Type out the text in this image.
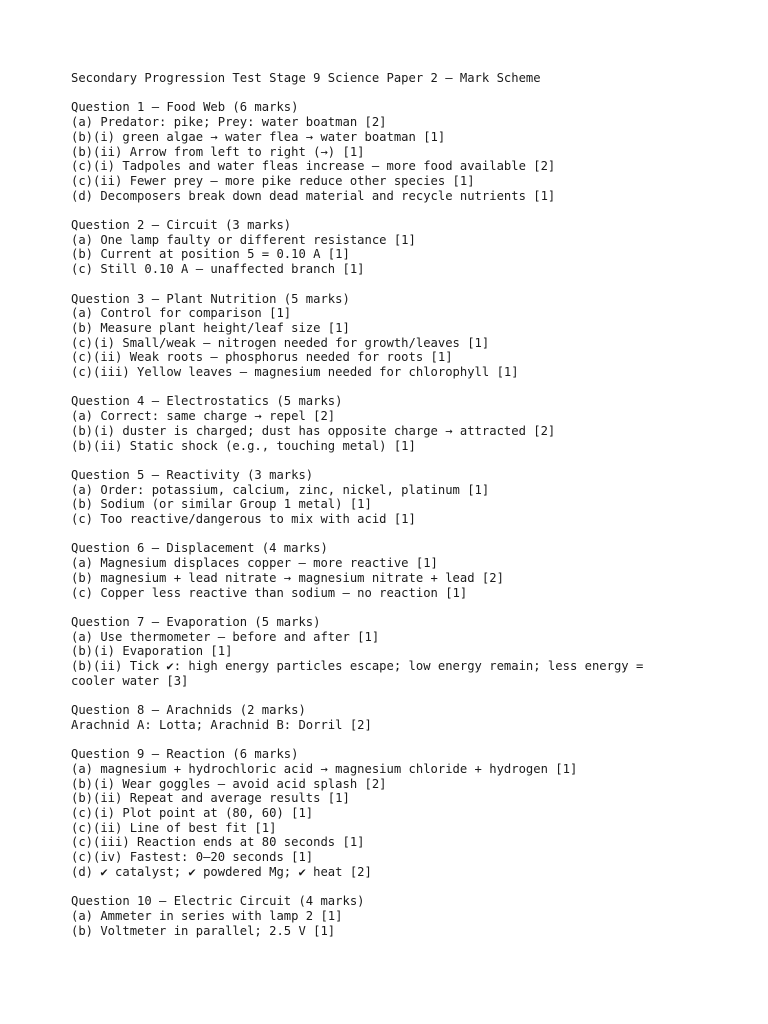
Secondary Progression Test Stage 9 Science Paper 2 – Mark Scheme
Question 1 – Food Web (6 marks)
(a) Predator: pike; Prey: water boatman [2]
(b)(i) green algae → water flea → water boatman [1]
(b)(ii) Arrow from left to right (→) [1]
(c)(i) Tadpoles and water fleas increase – more food available [2]
(c)(ii) Fewer prey – more pike reduce other species [1]
(d) Decomposers break down dead material and recycle nutrients [1]
Question 2 – Circuit (3 marks)
(a) One lamp faulty or different resistance [1]
(b) Current at position 5 = 0.10 A [1]
(c) Still 0.10 A – unaffected branch [1]
Question 3 – Plant Nutrition (5 marks)
(a) Control for comparison [1]
(b) Measure plant height/leaf size [1]
(c)(i) Small/weak – nitrogen needed for growth/leaves [1]
(c)(ii) Weak roots – phosphorus needed for roots [1]
(c)(iii) Yellow leaves – magnesium needed for chlorophyll [1]
Question 4 – Electrostatics (5 marks)
(a) Correct: same charge → repel [2]
(b)(i) duster is charged; dust has opposite charge → attracted [2]
(b)(ii) Static shock (e.g., touching metal) [1]
Question 5 – Reactivity (3 marks)
(a) Order: potassium, calcium, zinc, nickel, platinum [1]
(b) Sodium (or similar Group 1 metal) [1]
(c) Too reactive/dangerous to mix with acid [1]
Question 6 – Displacement (4 marks)
(a) Magnesium displaces copper – more reactive [1]
(b) magnesium + lead nitrate → magnesium nitrate + lead [2]
(c) Copper less reactive than sodium – no reaction [1]
Question 7 – Evaporation (5 marks)
(a) Use thermometer – before and after [1]
(b)(i) Evaporation [1]
(b)(ii) Tick ✔: high energy particles escape; low energy remain; less energy = cooler water [3]
Question 8 – Arachnids (2 marks)
Arachnid A: Lotta; Arachnid B: Dorril [2]
Question 9 – Reaction (6 marks)
(a) magnesium + hydrochloric acid → magnesium chloride + hydrogen [1]
(b)(i) Wear goggles – avoid acid splash [2]
(b)(ii) Repeat and average results [1]
(c)(i) Plot point at (80, 60) [1]
(c)(ii) Line of best fit [1]
(c)(iii) Reaction ends at 80 seconds [1]
(c)(iv) Fastest: 0–20 seconds [1]
(d) ✔ catalyst; ✔ powdered Mg; ✔ heat [2]
Question 10 – Electric Circuit (4 marks)
(a) Ammeter in series with lamp 2 [1]
(b) Voltmeter in parallel; 2.5 V [1]
